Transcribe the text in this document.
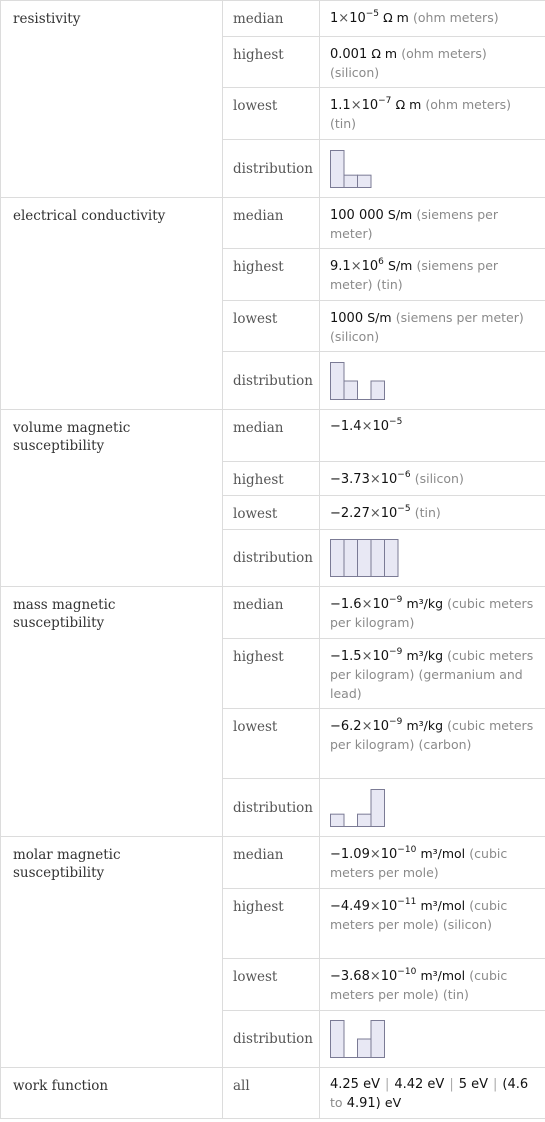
resistivity	median	$1\times 10^{-5}$ Ω m (ohm meters)

	highest	0.001 Ω m (ohm meters) (silicon)

	lowest	$1.1\times 10^{-7}$ Ω m (ohm meters) (tin)

	distribution

electrical conductivity	median	100 000 S/m (siemens per meter)

	highest	$9.1\times 10^6$ S/m (siemens per meter) (tin)

	lowest	1000 S/m (siemens per meter) (silicon)

	distribution

volume magnetic susceptibility	median	$-1.4\times 10^{-5}$

	highest	$-3.73\times 10^{-6}$ (silicon)

	lowest	$-2.27\times 10^{-5}$ (tin)

	distribution

mass magnetic susceptibility	median	$-1.6\times 10^{-9}$ m³/kg (cubic meters per kilogram)

	highest	$-1.5\times 10^{-9}$ m³/kg (cubic meters per kilogram) (germanium and lead)

	lowest	$-6.2\times 10^{-9}$ m³/kg (cubic meters per kilogram) (carbon)

	distribution

molar magnetic susceptibility	median	$-1.09\times 10^{-10}$ m³/mol (cubic meters per mole)

	highest	$-4.49\times 10^{-11}$ m³/mol (cubic meters per mole) (silicon)

	lowest	$-3.68\times 10^{-10}$ m³/mol (cubic meters per mole) (tin)

	distribution

work function	all	4.25 eV | 4.42 eV | 5 eV | (4.6 to 4.91) eV
